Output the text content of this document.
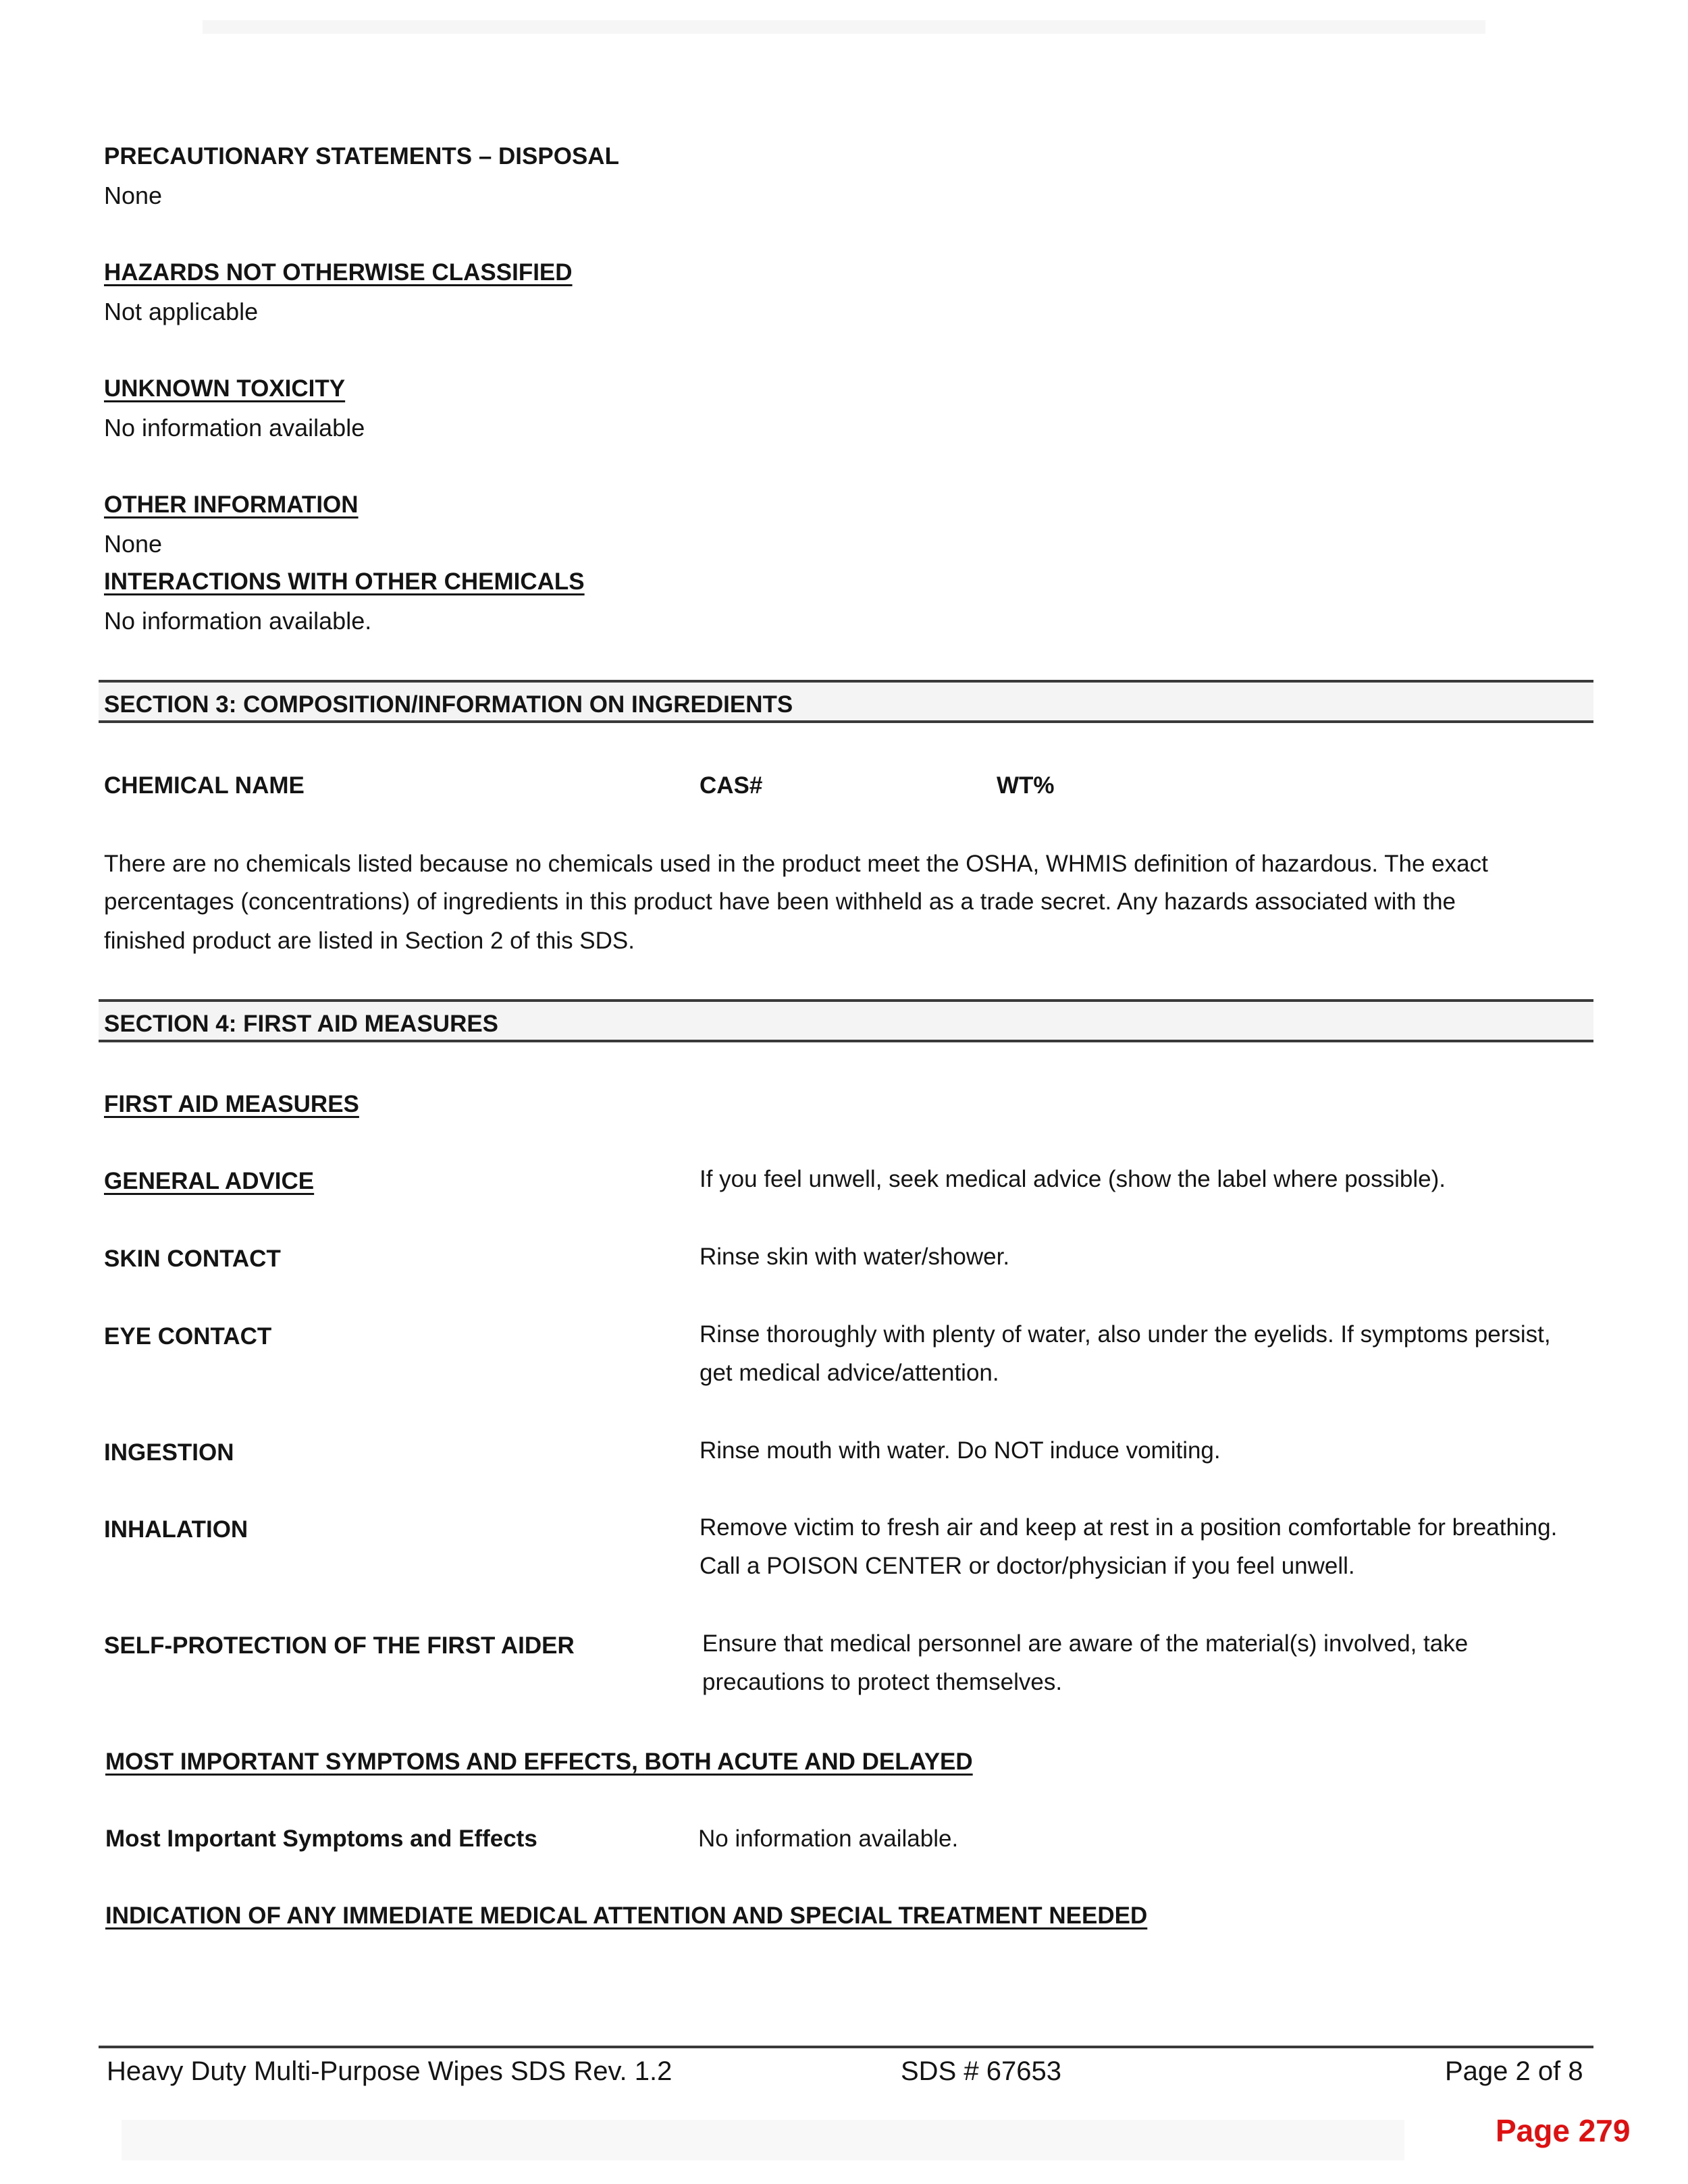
PRECAUTIONARY STATEMENTS – DISPOSAL
None
HAZARDS NOT OTHERWISE CLASSIFIED
Not applicable
UNKNOWN TOXICITY
No information available
OTHER INFORMATION
None
INTERACTIONS WITH OTHER CHEMICALS
No information available.
SECTION 3: COMPOSITION/INFORMATION ON INGREDIENTS
CHEMICAL NAME	CAS#	WT%
There are no chemicals listed because no chemicals used in the product meet the OSHA, WHMIS definition of hazardous. The exact
percentages (concentrations) of ingredients in this product have been withheld as a trade secret. Any hazards associated with the
finished product are listed in Section 2 of this SDS.
SECTION 4: FIRST AID MEASURES
FIRST AID MEASURES
GENERAL ADVICE	If you feel unwell, seek medical advice (show the label where possible).
SKIN CONTACT	Rinse skin with water/shower.
EYE CONTACT	Rinse thoroughly with plenty of water, also under the eyelids. If symptoms persist, get medical advice/attention.
INGESTION	Rinse mouth with water. Do NOT induce vomiting.
INHALATION	Remove victim to fresh air and keep at rest in a position comfortable for breathing. Call a POISON CENTER or doctor/physician if you feel unwell.
SELF-PROTECTION OF THE FIRST AIDER	Ensure that medical personnel are aware of the material(s) involved, take precautions to protect themselves.
MOST IMPORTANT SYMPTOMS AND EFFECTS, BOTH ACUTE AND DELAYED
Most Important Symptoms and Effects	No information available.
INDICATION OF ANY IMMEDIATE MEDICAL ATTENTION AND SPECIAL TREATMENT NEEDED
Heavy Duty Multi-Purpose Wipes SDS Rev. 1.2	SDS # 67653	Page 2 of 8
Page 279
